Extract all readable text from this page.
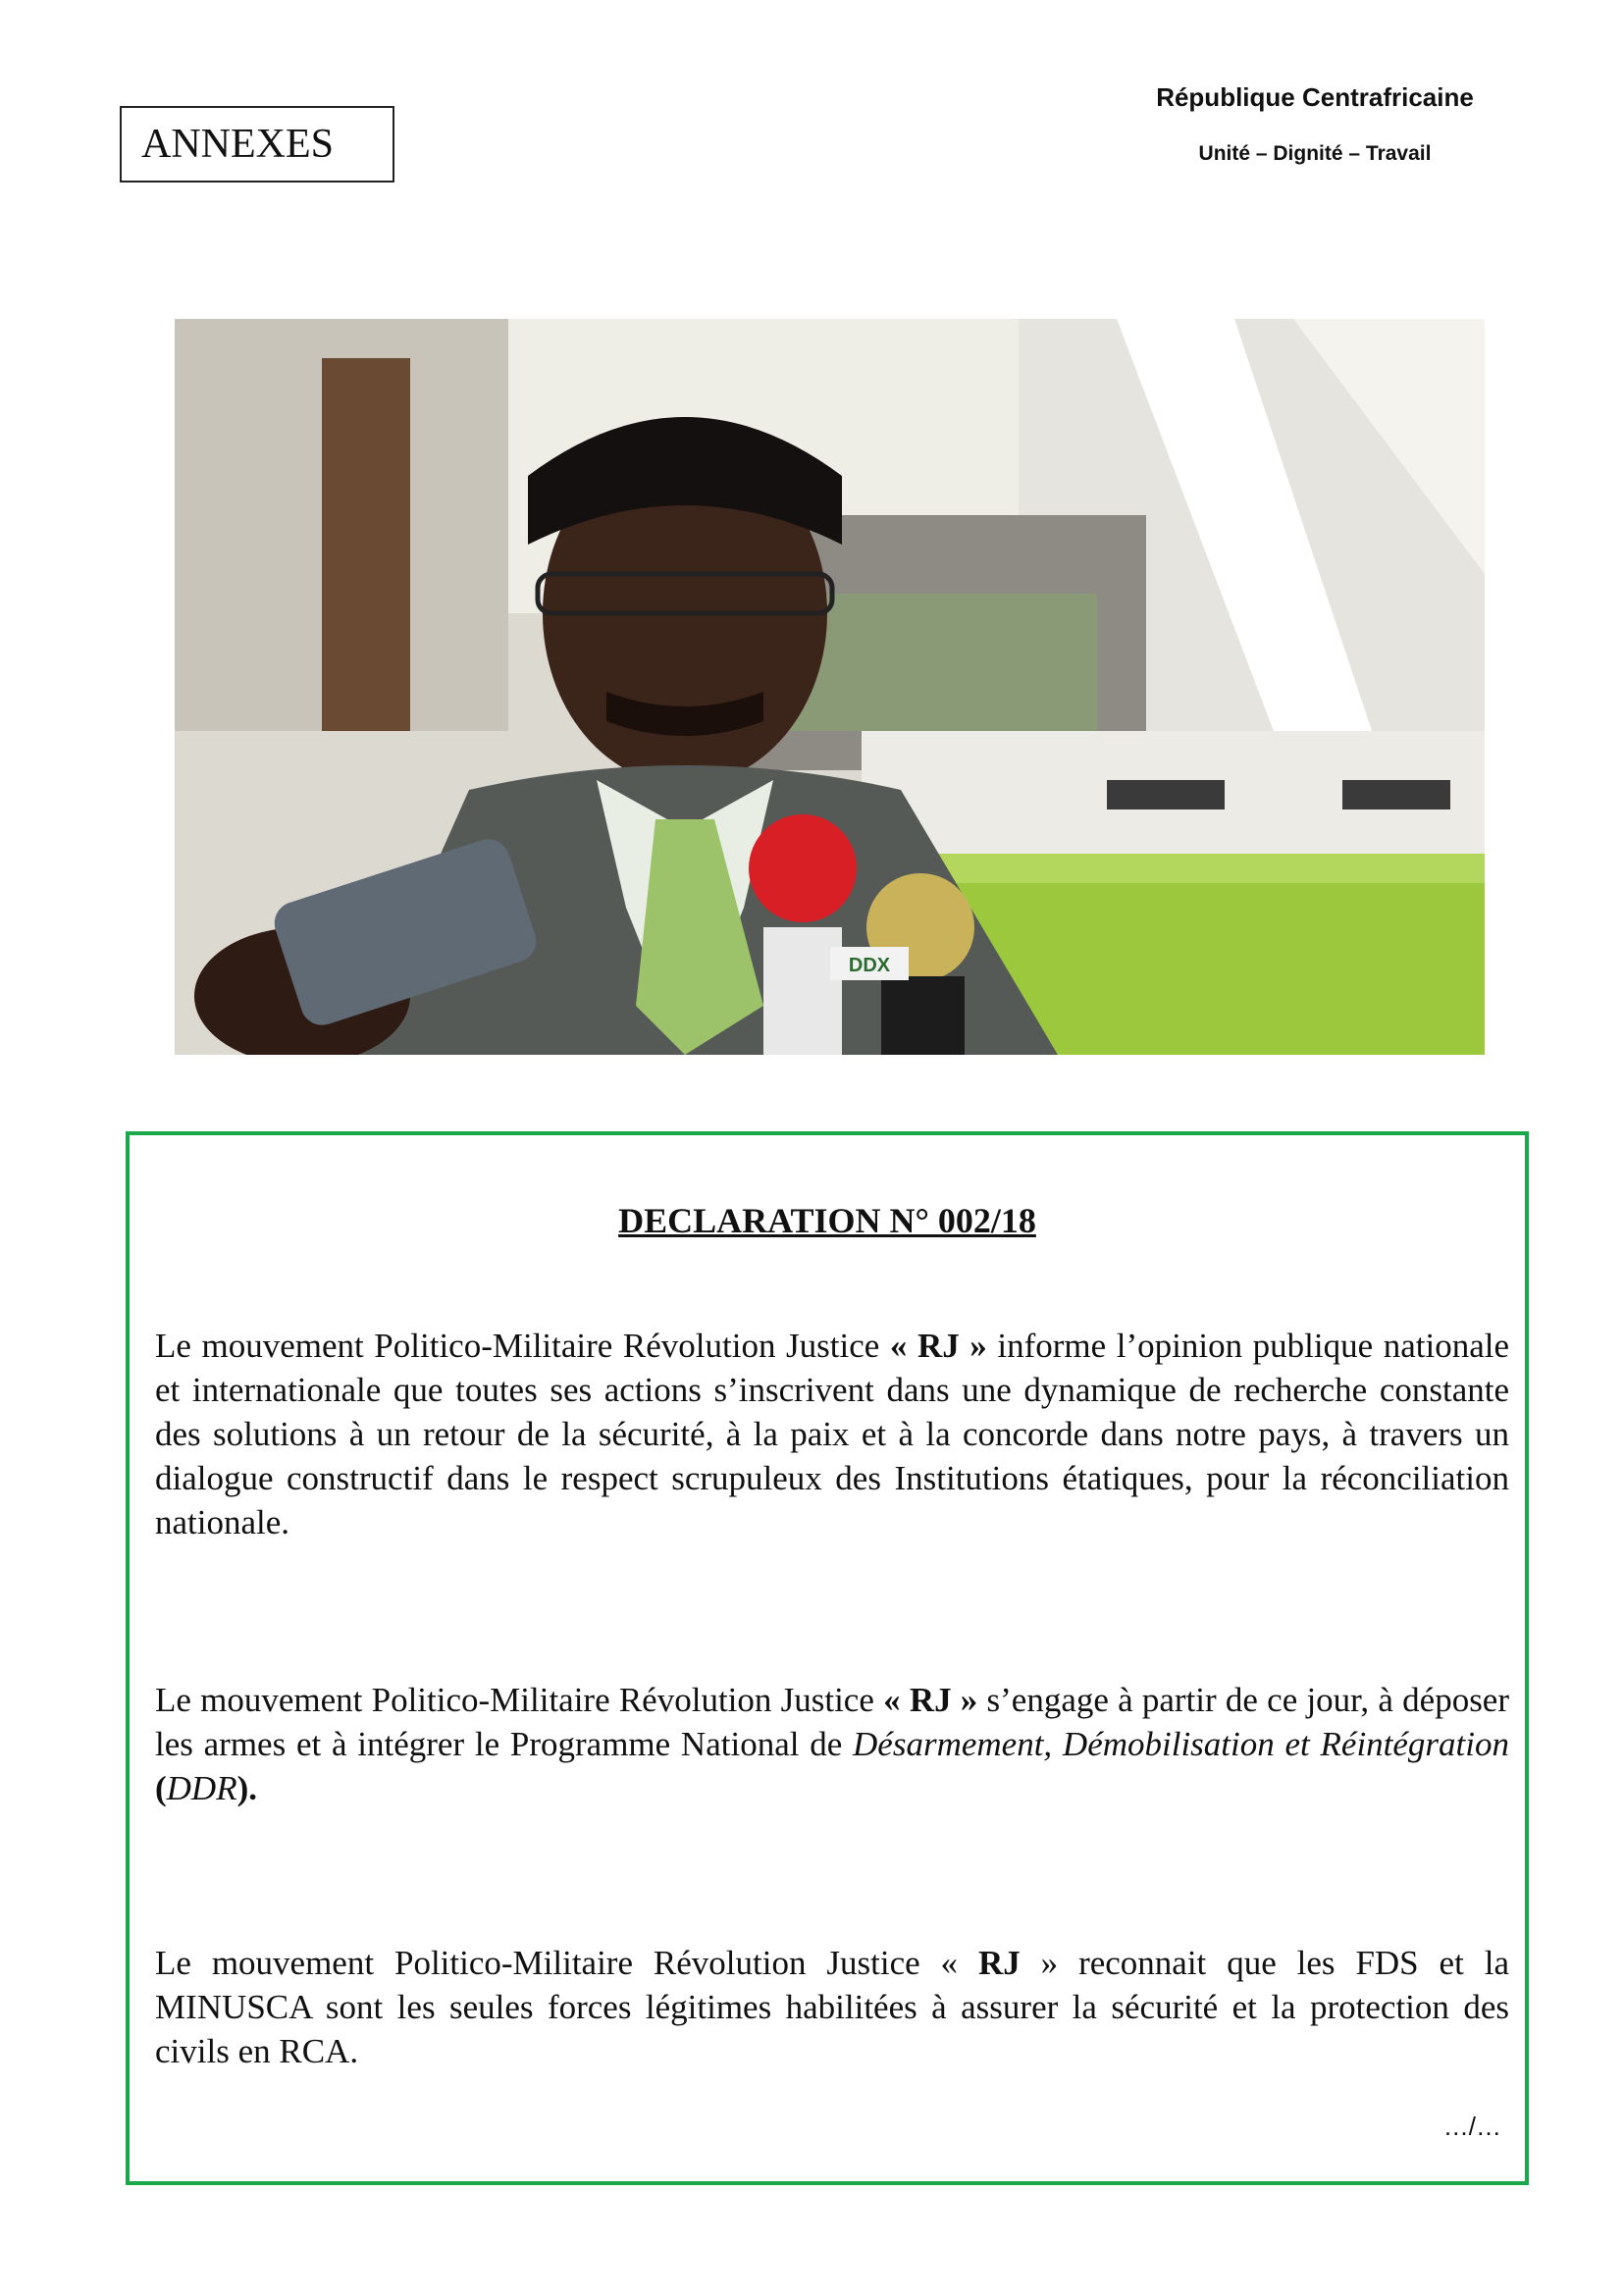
ANNEXES
République Centrafricaine
Unité – Dignité – Travail
DDX
DECLARATION N° 002/18
Le mouvement Politico-Militaire Révolution Justice « RJ » informe l’opinion publique nationale et internationale que toutes ses actions s’inscrivent dans une dynamique de recherche constante des solutions à un retour de la sécurité, à la paix et à la concorde dans notre pays, à travers un dialogue constructif dans le respect scrupuleux des Institutions étatiques, pour la réconciliation nationale.
Le mouvement Politico-Militaire Révolution Justice « RJ » s’engage à partir de ce jour, à déposer les armes et à intégrer le Programme National de Désarmement, Démobilisation et Réintégration (DDR).
Le mouvement Politico-Militaire Révolution Justice « RJ » reconnait que les FDS et la MINUSCA sont les seules forces légitimes habilitées à assurer la sécurité et la protection des civils en RCA.
…/…
